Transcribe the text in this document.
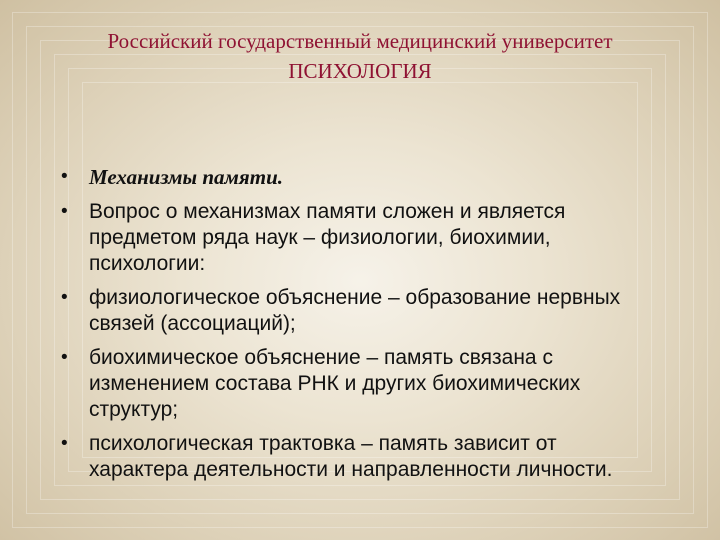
Российский государственный медицинский университет
ПСИХОЛОГИЯ
• Механизмы памяти.
• Вопрос о механизмах памяти сложен и является предметом ряда наук – физиологии, биохимии, психологии:
• физиологическое объяснение – образование нервных связей (ассоциаций);
• биохимическое объяснение – память связана с изменением состава РНК и других биохимических структур;
• психологическая трактовка – память зависит от характера деятельности и направленности личности.
